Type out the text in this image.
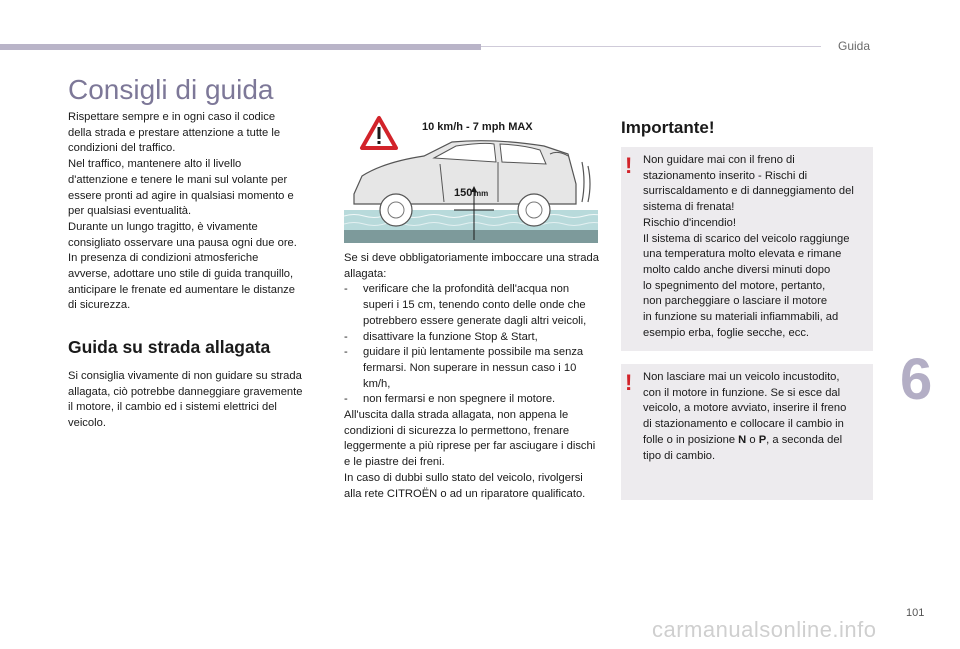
Guida
6
101
carmanualsonline.info
Consigli di guida
Rispettare sempre e in ogni caso il codice
della strada e prestare attenzione a tutte le
condizioni del traffico.
Nel traffico, mantenere alto il livello
d'attenzione e tenere le mani sul volante per
essere pronti ad agire in qualsiasi momento e
per qualsiasi eventualità.
Durante un lungo tragitto, è vivamente
consigliato osservare una pausa ogni due ore.
In presenza di condizioni atmosferiche
avverse, adottare uno stile di guida tranquillo,
anticipare le frenate ed aumentare le distanze
di sicurezza.
Guida su strada allagata
Si consiglia vivamente di non guidare su strada
allagata, ciò potrebbe danneggiare gravemente
il motore, il cambio ed i sistemi elettrici del
veicolo.
10 km/h - 7 mph MAX
150 mm

Se si deve obbligatoriamente imboccare una strada allagata:

- verificare che la profondità dell'acqua non superi i 15 cm, tenendo conto delle onde che potrebbero essere generate dagli altri veicoli,
- disattivare la funzione Stop & Start,
- guidare il più lentamente possibile ma senza fermarsi. Non superare in nessun caso i 10 km/h,
- non fermarsi e non spegnere il motore.

All'uscita dalla strada allagata, non appena le condizioni di sicurezza lo permettono, frenare leggermente a più riprese per far asciugare i dischi e le piastre dei freni.

In caso di dubbi sullo stato del veicolo, rivolgersi alla rete CITROËN o ad un riparatore qualificato.

Importante!
! Non guidare mai con il freno di
stazionamento inserito - Rischi di
surriscaldamento e di danneggiamento del
sistema di frenata!
Rischio d'incendio!
Il sistema di scarico del veicolo raggiunge
una temperatura molto elevata e rimane
molto caldo anche diversi minuti dopo
lo spegnimento del motore, pertanto,
non parcheggiare o lasciare il motore
in funzione su materiali infiammabili, ad
esempio erba, foglie secche, ecc.
! Non lasciare mai un veicolo incustodito,
con il motore in funzione. Se si esce dal
veicolo, a motore avviato, inserire il freno
di stazionamento e collocare il cambio in
folle o in posizione N o P, a seconda del
tipo di cambio.
